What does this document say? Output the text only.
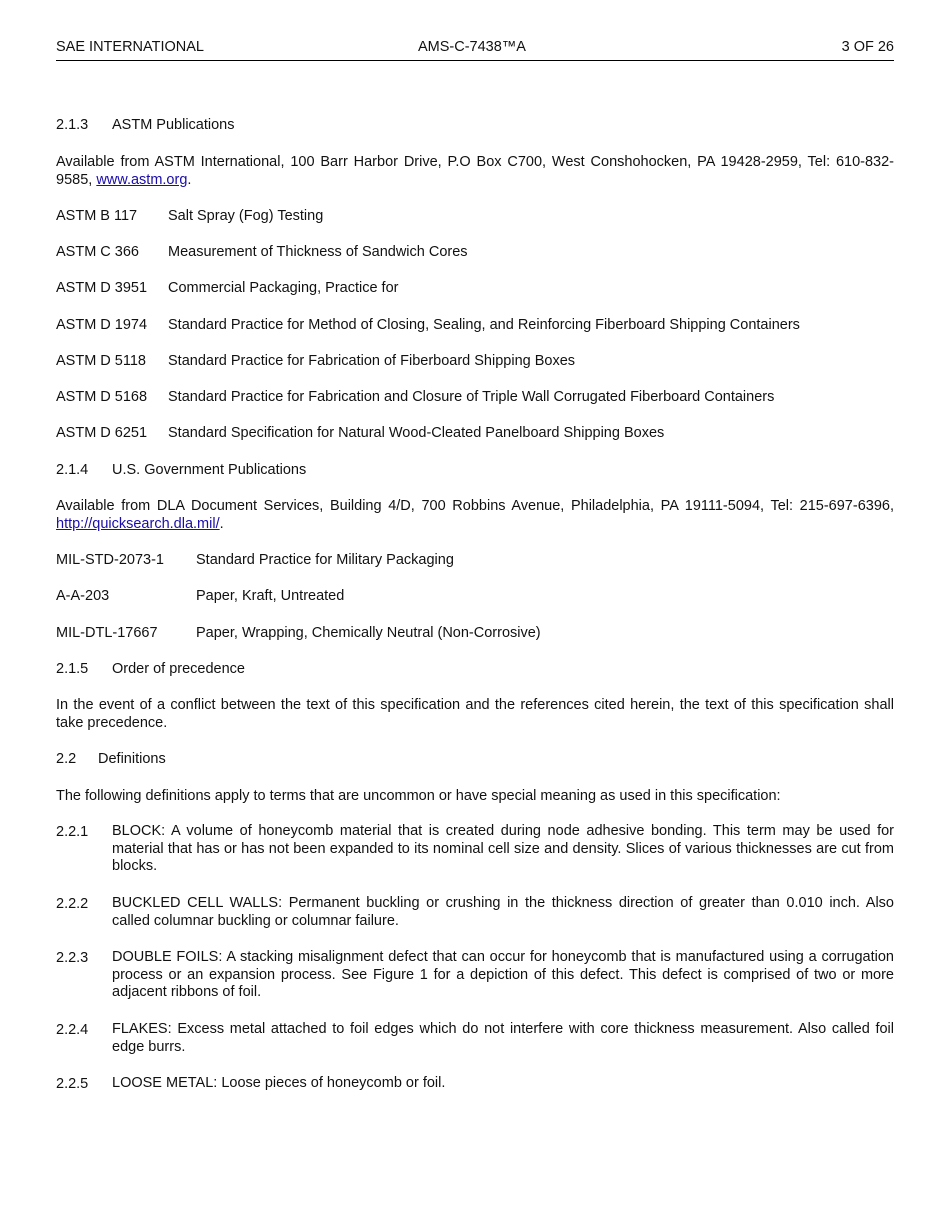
SAE INTERNATIONAL	AMS-C-7438™A	3 OF 26
2.1.3 ASTM Publications
Available from ASTM International, 100 Barr Harbor Drive, P.O Box C700, West Conshohocken, PA 19428-2959, Tel: 610-832-9585, www.astm.org.
ASTM B 117 Salt Spray (Fog) Testing
ASTM C 366 Measurement of Thickness of Sandwich Cores
ASTM D 3951 Commercial Packaging, Practice for
ASTM D 1974 Standard Practice for Method of Closing, Sealing, and Reinforcing Fiberboard Shipping Containers
ASTM D 5118 Standard Practice for Fabrication of Fiberboard Shipping Boxes
ASTM D 5168 Standard Practice for Fabrication and Closure of Triple Wall Corrugated Fiberboard Containers
ASTM D 6251 Standard Specification for Natural Wood-Cleated Panelboard Shipping Boxes
2.1.4 U.S. Government Publications
Available from DLA Document Services, Building 4/D, 700 Robbins Avenue, Philadelphia, PA 19111-5094, Tel: 215-697-6396, http://quicksearch.dla.mil/.
MIL-STD-2073-1 Standard Practice for Military Packaging
A-A-203	Paper, Kraft, Untreated
MIL-DTL-17667	Paper, Wrapping, Chemically Neutral (Non-Corrosive)
2.1.5 Order of precedence
In the event of a conflict between the text of this specification and the references cited herein, the text of this specification shall take precedence.
2.2 Definitions
The following definitions apply to terms that are uncommon or have special meaning as used in this specification:
2.2.1 BLOCK: A volume of honeycomb material that is created during node adhesive bonding. This term may be used for material that has or has not been expanded to its nominal cell size and density. Slices of various thicknesses are cut from blocks.
2.2.2 BUCKLED CELL WALLS: Permanent buckling or crushing in the thickness direction of greater than 0.010 inch. Also called columnar buckling or columnar failure.
2.2.3 DOUBLE FOILS: A stacking misalignment defect that can occur for honeycomb that is manufactured using a corrugation process or an expansion process. See Figure 1 for a depiction of this defect. This defect is comprised of two or more adjacent ribbons of foil.
2.2.4 FLAKES: Excess metal attached to foil edges which do not interfere with core thickness measurement. Also called foil edge burrs.
2.2.5 LOOSE METAL: Loose pieces of honeycomb or foil.
